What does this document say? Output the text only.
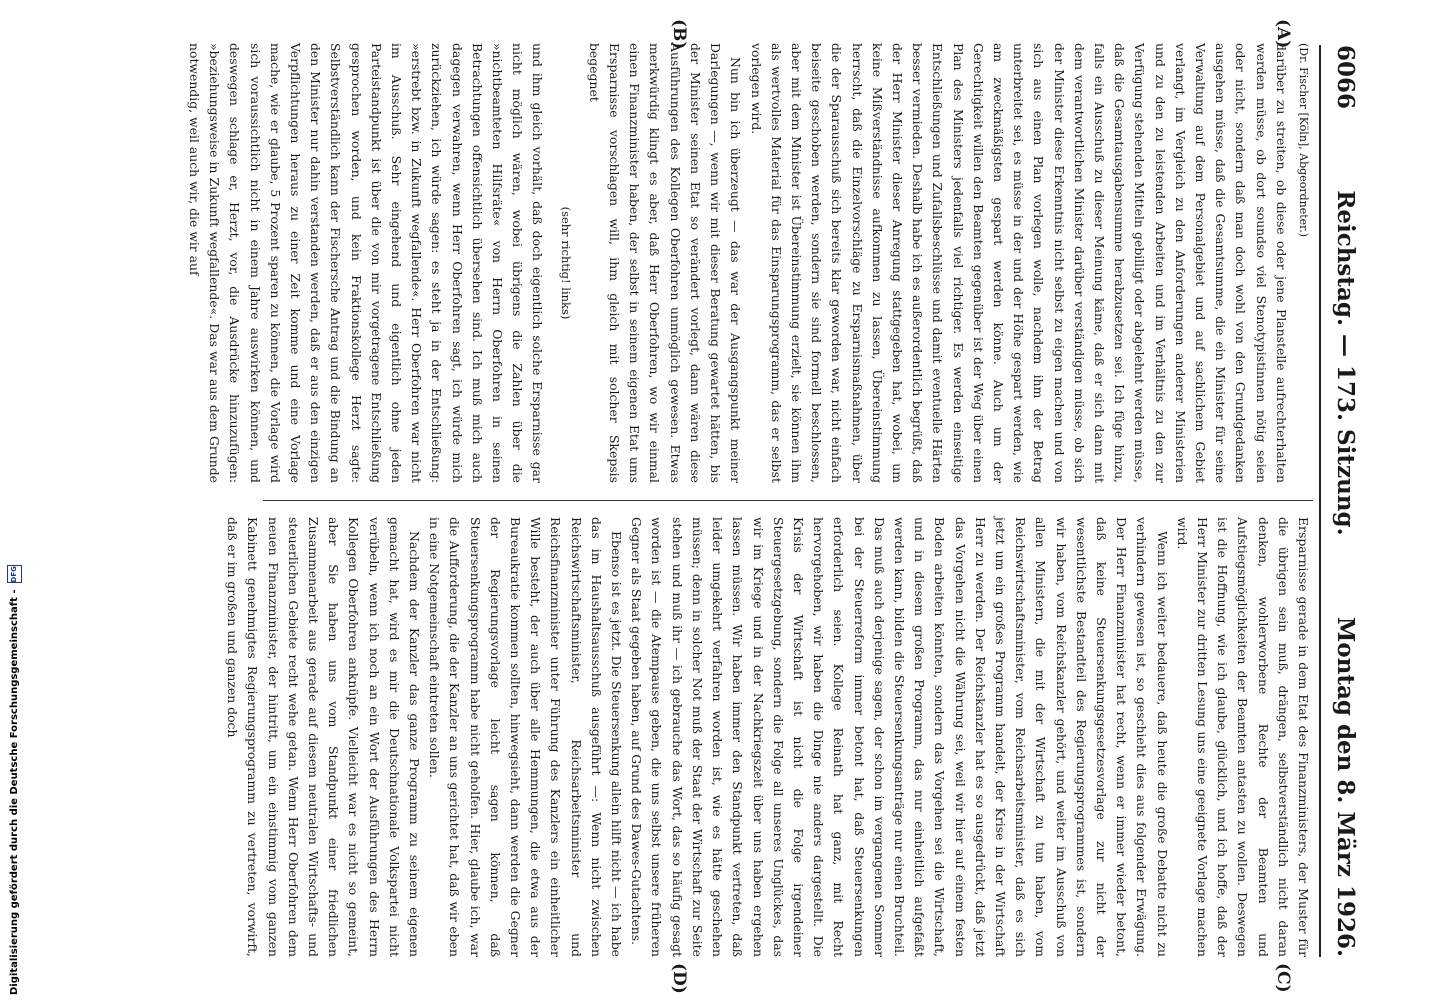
6066
Reichstag. — 173. Sitzung.
Montag den 8. März 1926.
(A)
(B)
(C)
(D)

(Dr. Fischer [Köln], Abgeordneter.)

darüber zu streiten, ob diese oder jene Planstelle aufrechterhalten werden müsse, ob dort soundso viel Stenotypistinnen nötig seien oder nicht, sondern daß man doch wohl von den Grundgedanken ausgehen müsse, daß die Gesamtsumme, die ein Minister für seine Verwaltung auf dem Personalgebiet und auf sachlichem Gebiet verlangt, im Vergleich zu den Anforderungen anderer Ministerien und zu den zu leistenden Arbeiten und im Verhältnis zu den zur Verfügung stehenden Mitteln gebilligt oder abgelehnt werden müsse, daß die Gesamtausgabensumme herabzusetzen sei. Ich füge hinzu, falls ein Ausschuß zu dieser Meinung käme, daß er sich dann mit dem verantwortlichen Minister darüber verständigen müsse, ob sich der Minister diese Erkenntnis nicht selbst zu eigen machen und von sich aus einen Plan vorlegen wolle, nachdem ihm der Betrag unterbreitet sei, es müsse in der und der Höhe gespart werden, wie am zweckmäßigsten gespart werden könne. Auch um der Gerechtigkeit willen den Beamten gegenüber ist der Weg über einen Plan des Ministers jedenfalls viel richtiger. Es werden einseitige Entschließungen und Zufallsbeschlüsse und damit eventuelle Härten besser vermieden. Deshalb habe ich es außerordentlich begrüßt, daß der Herr Minister dieser Anregung stattgegeben hat, wobei, um keine Mißverständnisse aufkommen zu lassen, Übereinstimmung herrscht, daß die Einzelvorschläge zu Ersparnismaßnahmen, über die der Sparausschuß sich bereits klar geworden war, nicht einfach beiseite geschoben werden, sondern sie sind formell beschlossen, aber mit dem Minister ist Übereinstimmung erzielt, sie können ihm als wertvolles Material für das Einsparungsprogramm, das er selbst vorlegen wird.

Nun bin ich überzeugt — das war der Ausgangspunkt meiner Darlegungen —, wenn wir mit dieser Beratung gewartet hätten, bis der Minister seinen Etat so verändert vorlegt, dann wären diese Ausführungen des Kollegen Oberfohren unmöglich gewesen. Etwas merkwürdig klingt es aber, daß Herr Oberfohren, wo wir einmal einen Finanzminister haben, der selbst in seinem eigenen Etat ums Ersparnisse vorschlagen will, ihm gleich mit solcher Skepsis begegnet

(sehr richtig! links)

und ihm gleich vorhält, daß doch eigentlich solche Ersparnisse gar nicht möglich wären, wobei übrigens die Zahlen über die »nichtbeamteten Hilfsräte« von Herrn Oberfohren in seinen Betrachtungen offensichtlich übersehen sind. Ich muß mich auch dagegen verwahren, wenn Herr Oberfohren sagt, ich würde mich zurückziehen, ich würde sagen: es steht ja in der Entschließung: »erstrebt bzw. in Zukunft wegfallende«. Herr Oberfohren war nicht im Ausschuß. Sehr eingehend und eigentlich ohne jeden Parteistandpunkt ist über die von mir vorgetragene Entschließung gesprochen worden, und kein Fraktionskollege Herzt sagte: Selbstverständlich kann der Fischersche Antrag und die Bindung an den Minister nur dahin verstanden werden, daß er aus den einzigen Verpflichtungen heraus zu einer Zeit komme und eine Vorlage mache, wie er glaube, 5 Prozent sparen zu können, die Vorlage wird sich voraussichtlich nicht in einem Jahre auswirken können, und deswegen schlage er, Herzt, vor, die Ausdrücke hinzuzufügen: »beziehungsweise in Zukunft wegfallende«. Das war aus dem Grunde notwendig, weil auch wir, die wir auf

Ersparnisse gerade in dem Etat des Finanzministers, der Muster für die übrigen sein muß, drängen, selbstverständlich nicht daran denken, wohlerworbene Rechte der Beamten und Aufstiegsmöglichkeiten der Beamten antasten zu wollen. Deswegen ist die Hoffnung, wie ich glaube, glücklich, und ich hoffe, daß der Herr Minister zur dritten Lesung uns eine geeignete Vorlage machen wird.

Wenn ich weiter bedauere, daß heute die große Debatte nicht zu verhindern gewesen ist, so geschieht dies aus folgender Erwägung. Der Herr Finanzminister hat recht, wenn er immer wieder betont, daß keine Steuersenkungsgesetzesvorlage zur nicht der wesentlichste Bestandteil des Regierungsprogrammes ist, sondern wir haben, vom Reichskanzler gehört, und weiter im Ausschuß von allen Ministern, die mit der Wirtschaft zu tun haben, vom Reichswirtschaftsminister, vom Reichsarbeitsminister, daß es sich jetzt um ein großes Programm handelt, der Krise in der Wirtschaft Herr zu werden. Der Reichskanzler hat es so ausgedrückt, daß jetzt das Vorgehen nicht die Währung sei, weil wir hier auf einem festen Boden arbeiten könnten, sondern das Vorgehen sei die Wirtschaft, und in diesem großen Programm, das nur einheitlich aufgefaßt werden kann, bilden die Steuersenkungsanträge nur einen Bruchteil. Das muß auch derjenige sagen, der schon im vergangenen Sommer bei der Steuerreform immer betont hat, daß Steuersenkungen erforderlich seien. Kollege Reinath hat ganz, mit Recht hervorgehoben, wir haben die Dinge nie anders dargestellt. Die Krisis der Wirtschaft ist nicht die Folge irgendeiner Steuergesetzgebung, sondern die Folge all unseres Unglückes, das wir im Kriege und in der Nachkriegszeit über uns haben ergehen lassen müssen. Wir haben immer den Standpunkt vertreten, daß leider umgekehrt verfahren worden ist, wie es hätte geschehen müssen; denn in solcher Not muß der Staat der Wirtschaft zur Seite stehen und muß ihr — ich gebrauche das Wort, das so häufig gesagt worden ist — die Atempause geben, die uns selbst unsere früheren Gegner als Staat gegeben haben, auf Grund des Dawes-Gutachtens.

Ebenso ist es jetzt. Die Steuersenkung allein hilft nicht — ich habe das im Haushaltsausschuß ausgeführt —: Wenn nicht zwischen Reichswirtschaftsminister, Reichsarbeitsminister und Reichsfinanzminister unter Führung des Kanzlers ein einheitlicher Wille besteht, der auch über alle Hemmungen, die etwa aus der Bureaukratie kommen sollten, hinwegsieht, dann werden die Gegner der Regierungsvorlage leicht sagen können, daß Steuersenkungsprogramm habe nicht geholfen. Hier, glaube ich, war die Aufforderung, die der Kanzler an uns gerichtet hat, daß wir eben in eine Notgemeinschaft eintreten sollen.

Nachdem der Kanzler das ganze Programm zu seinem eigenen gemacht hat, wird es mir die Deutschnationale Volkspartei nicht verübeln, wenn ich noch an ein Wort der Ausführungen des Herrn Kollegen Oberfohren anknüpfe. Vielleicht war es nicht so gemeint, aber Sie haben uns vom Standpunkt einer friedlichen Zusammenarbeit aus gerade auf diesem neutralen Wirtschafts- und steuerlichen Gebiete recht wehe getan. Wenn Herr Oberfohren dem neuen Finanzminister, der hintritt, um ein einstimmig vom ganzen Kabinett genehmigtes Regierungsprogramm zu vertreten, vorwirft, daß er im großen und ganzen doch

Digitalisierung gefördert durch die Deutsche Forschungsgemeinschaft -
DFG
